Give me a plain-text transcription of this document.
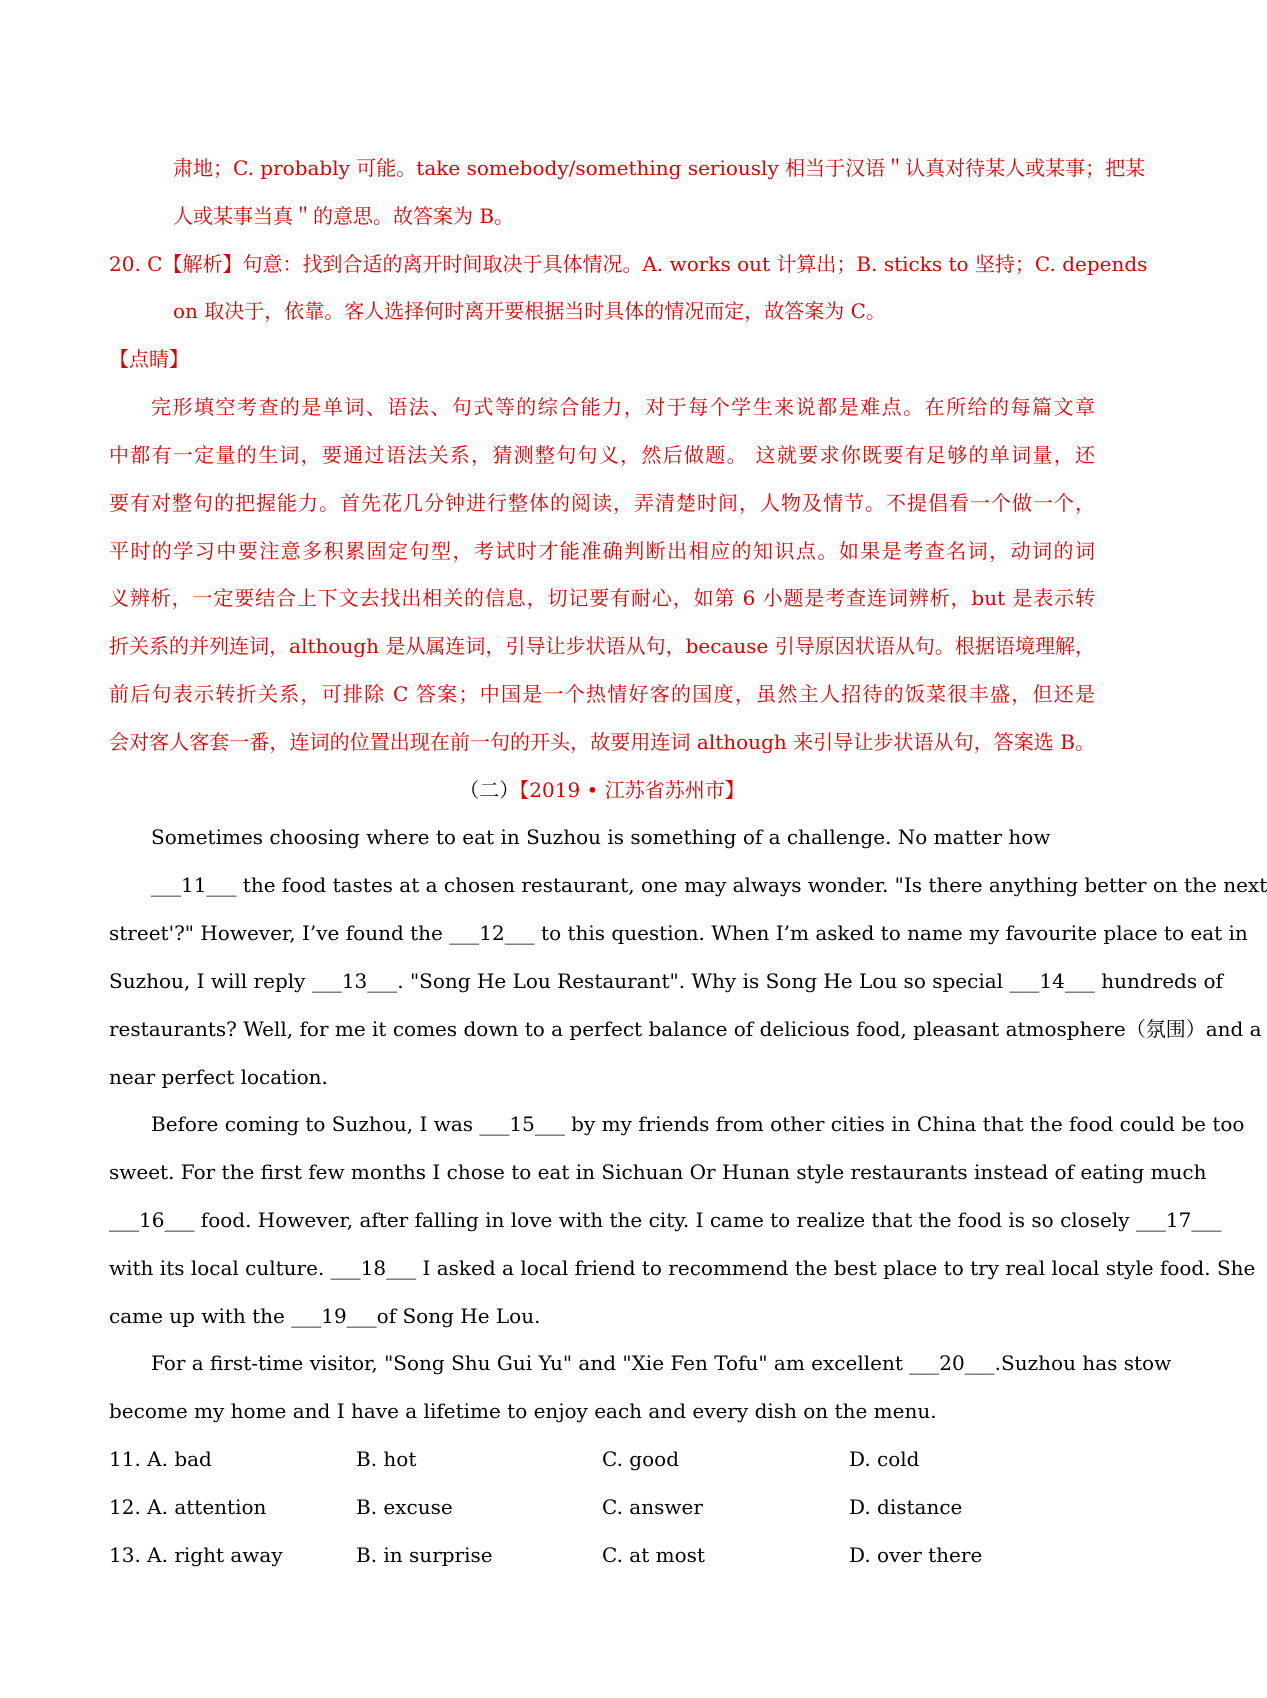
肃地；C. probably 可能。take somebody/something seriously 相当于汉语＂认真对待某人或某事；把某
人或某事当真＂的意思。故答案为 B。
20. C【解析】句意：找到合适的离开时间取决于具体情况。A. works out 计算出；B. sticks to 坚持；C. depends
on 取决于，依靠。客人选择何时离开要根据当时具体的情况而定，故答案为 C。
【点睛】
完形填空考查的是单词、语法、句式等的综合能力，对于每个学生来说都是难点。在所给的每篇文章
中都有一定量的生词，要通过语法关系，猜测整句句义，然后做题。 这就要求你既要有足够的单词量，还
要有对整句的把握能力。首先花几分钟进行整体的阅读，弄清楚时间，人物及情节。不提倡看一个做一个，
平时的学习中要注意多积累固定句型，考试时才能准确判断出相应的知识点。如果是考查名词，动词的词
义辨析，一定要结合上下文去找出相关的信息，切记要有耐心，如第 6 小题是考查连词辨析，but 是表示转
折关系的并列连词，although 是从属连词，引导让步状语从句，because 引导原因状语从句。根据语境理解，
前后句表示转折关系，可排除 C 答案；中国是一个热情好客的国度，虽然主人招待的饭菜很丰盛，但还是
会对客人客套一番，连词的位置出现在前一句的开头，故要用连词 although 来引导让步状语从句，答案选 B。
（二）【2019 • 江苏省苏州市】
Sometimes choosing where to eat in Suzhou is something of a challenge. No matter how
___11___ the food tastes at a chosen restaurant, one may always wonder. "Is there anything better on the next
street'?" However, I’ve found the ___12___ to this question. When I’m asked to name my favourite place to eat in
Suzhou, I will reply ___13___. "Song He Lou Restaurant". Why is Song He Lou so special ___14___ hundreds of
restaurants? Well, for me it comes down to a perfect balance of delicious food, pleasant atmosphere（氛围）and a
near perfect location.
Before coming to Suzhou, I was ___15___ by my friends from other cities in China that the food could be too
sweet. For the first few months I chose to eat in Sichuan Or Hunan style restaurants instead of eating much
___16___ food. However, after falling in love with the city. I came to realize that the food is so closely ___17___
with its local culture. ___18___ I asked a local friend to recommend the best place to try real local style food. She
came up with the ___19___of Song He Lou.
For a first-time visitor, "Song Shu Gui Yu" and "Xie Fen Tofu" am excellent ___20___.Suzhou has stow
become my home and I have a lifetime to enjoy each and every dish on the menu.
11. A. bad	B. hot	C. good	D. cold
12. A. attention	B. excuse	C. answer	D. distance
13. A. right away	B. in surprise	C. at most	D. over there
